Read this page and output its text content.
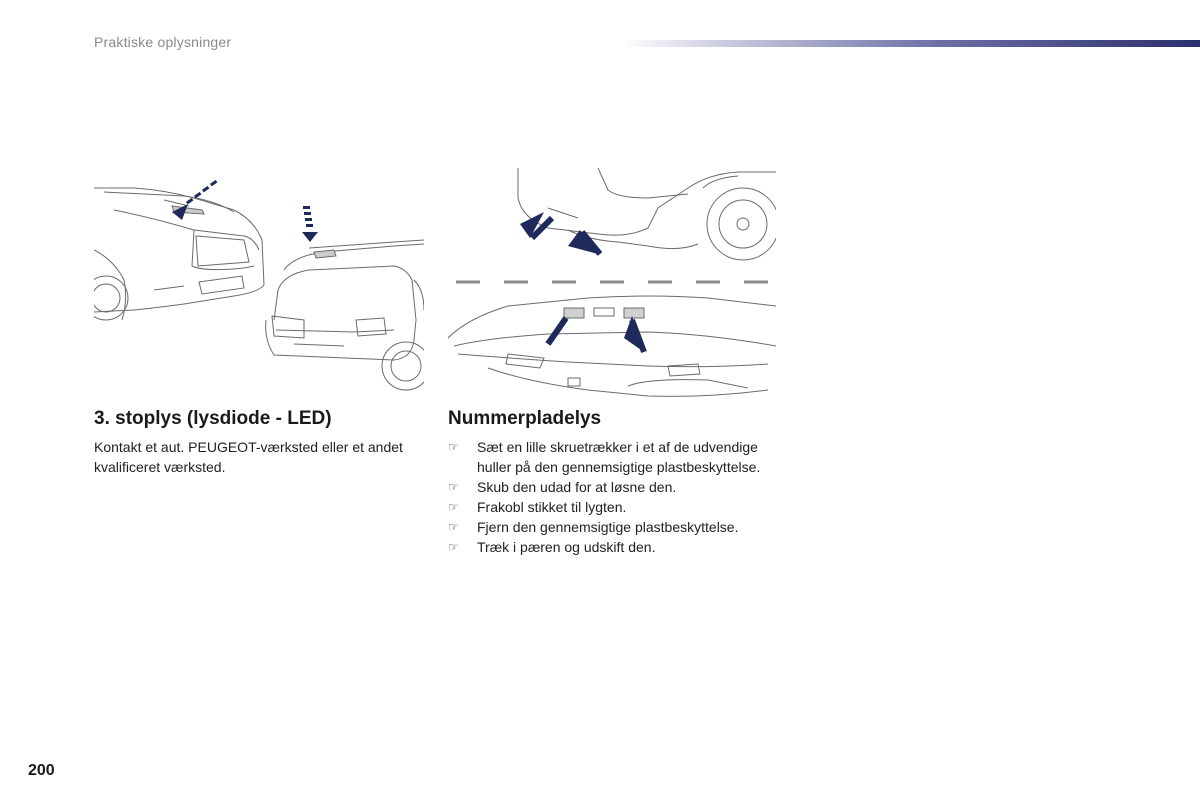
Praktiske oplysninger
3. stoplys (lysdiode - LED)
Kontakt et aut. PEUGEOT-værksted eller et andet kvalificeret værksted.
Nummerpladelys
☞ Sæt en lille skruetrækker i et af de udvendige huller på den gennemsigtige plastbeskyttelse.
☞ Skub den udad for at løsne den.
☞ Frakobl stikket til lygten.
☞ Fjern den gennemsigtige plastbeskyttelse.
☞ Træk i pæren og udskift den.
200
